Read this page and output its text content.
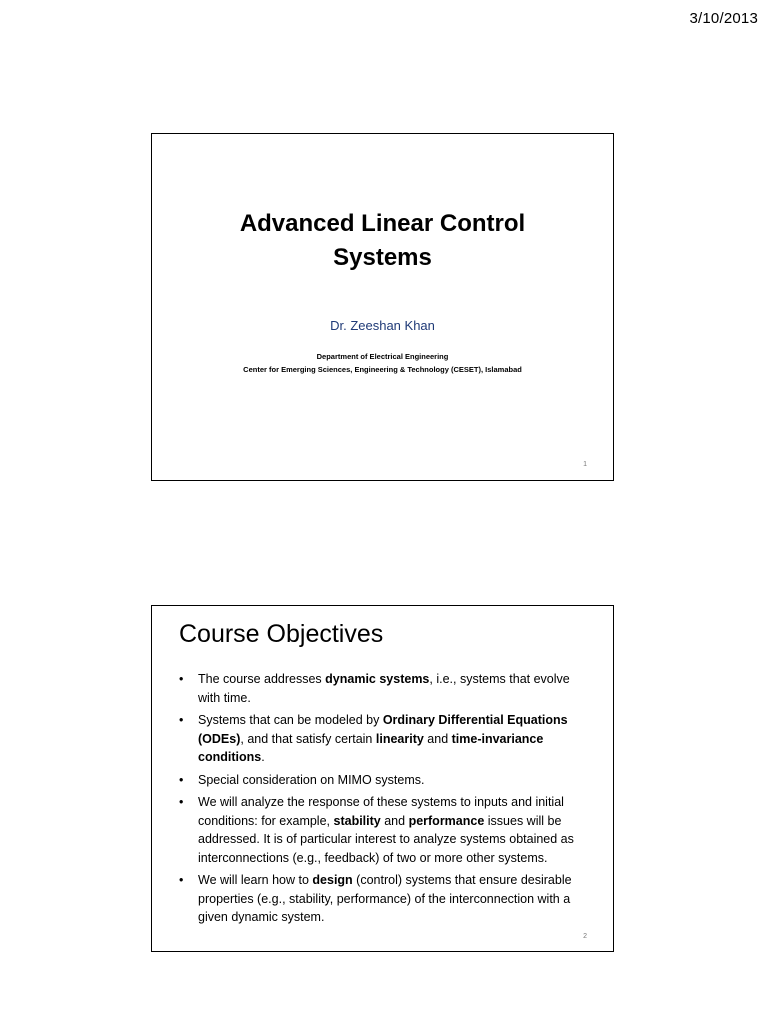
3/10/2013
Advanced Linear Control
Systems
Dr. Zeeshan Khan
Department of Electrical Engineering
Center for Emerging Sciences, Engineering & Technology (CESET), Islamabad
1
Course Objectives
• The course addresses dynamic systems, i.e., systems that evolve with time.
• Systems that can be modeled by Ordinary Differential Equations (ODEs), and that satisfy certain linearity and time-invariance conditions.
• Special consideration on MIMO systems.
• We will analyze the response of these systems to inputs and initial conditions: for example, stability and performance issues will be addressed. It is of particular interest to analyze systems obtained as interconnections (e.g., feedback) of two or more other systems.
• We will learn how to design (control) systems that ensure desirable properties (e.g., stability, performance) of the interconnection with a given dynamic system.
2
